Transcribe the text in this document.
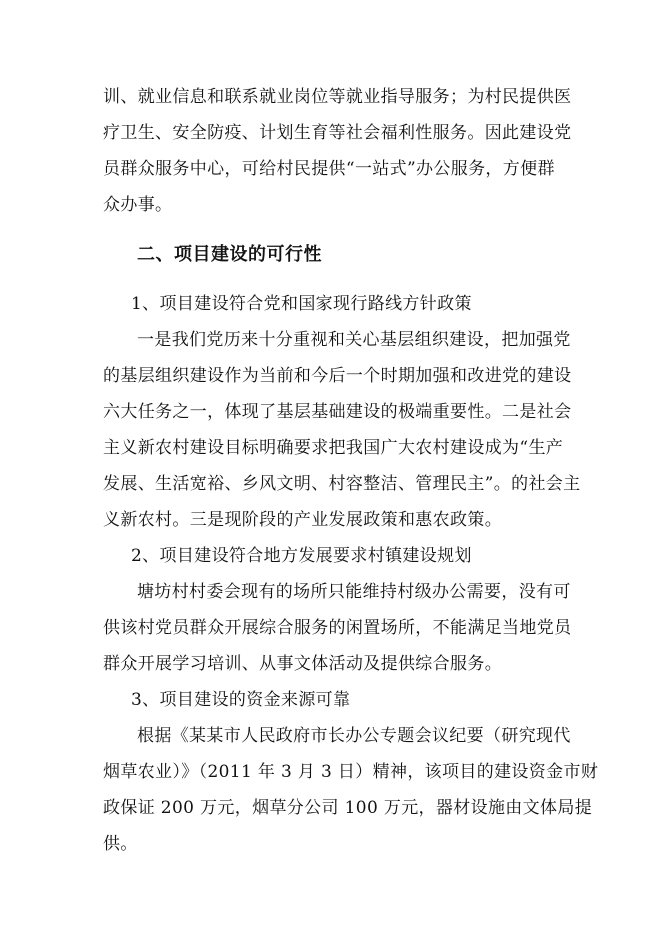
训、就业信息和联系就业岗位等就业指导服务；为村民提供医
疗卫生、安全防疫、计划生育等社会福利性服务。因此建设党
员群众服务中心，可给村民提供“一站式”办公服务，方便群
众办事。
二、项目建设的可行性
1、项目建设符合党和国家现行路线方针政策
一是我们党历来十分重视和关心基层组织建设，把加强党
的基层组织建设作为当前和今后一个时期加强和改进党的建设
六大任务之一，体现了基层基础建设的极端重要性。二是社会
主义新农村建设目标明确要求把我国广大农村建设成为“生产
发展、生活宽裕、乡风文明、村容整洁、管理民主”。的社会主
义新农村。三是现阶段的产业发展政策和惠农政策。
2、项目建设符合地方发展要求村镇建设规划
塘坊村村委会现有的场所只能维持村级办公需要，没有可
供该村党员群众开展综合服务的闲置场所，不能满足当地党员
群众开展学习培训、从事文体活动及提供综合服务。
3、项目建设的资金来源可靠
根据《某某市人民政府市长办公专题会议纪要（研究现代
烟草农业）》（2011 年 3 月 3 日）精神，该项目的建设资金市财
政保证 200 万元，烟草分公司 100 万元，器材设施由文体局提
供。
